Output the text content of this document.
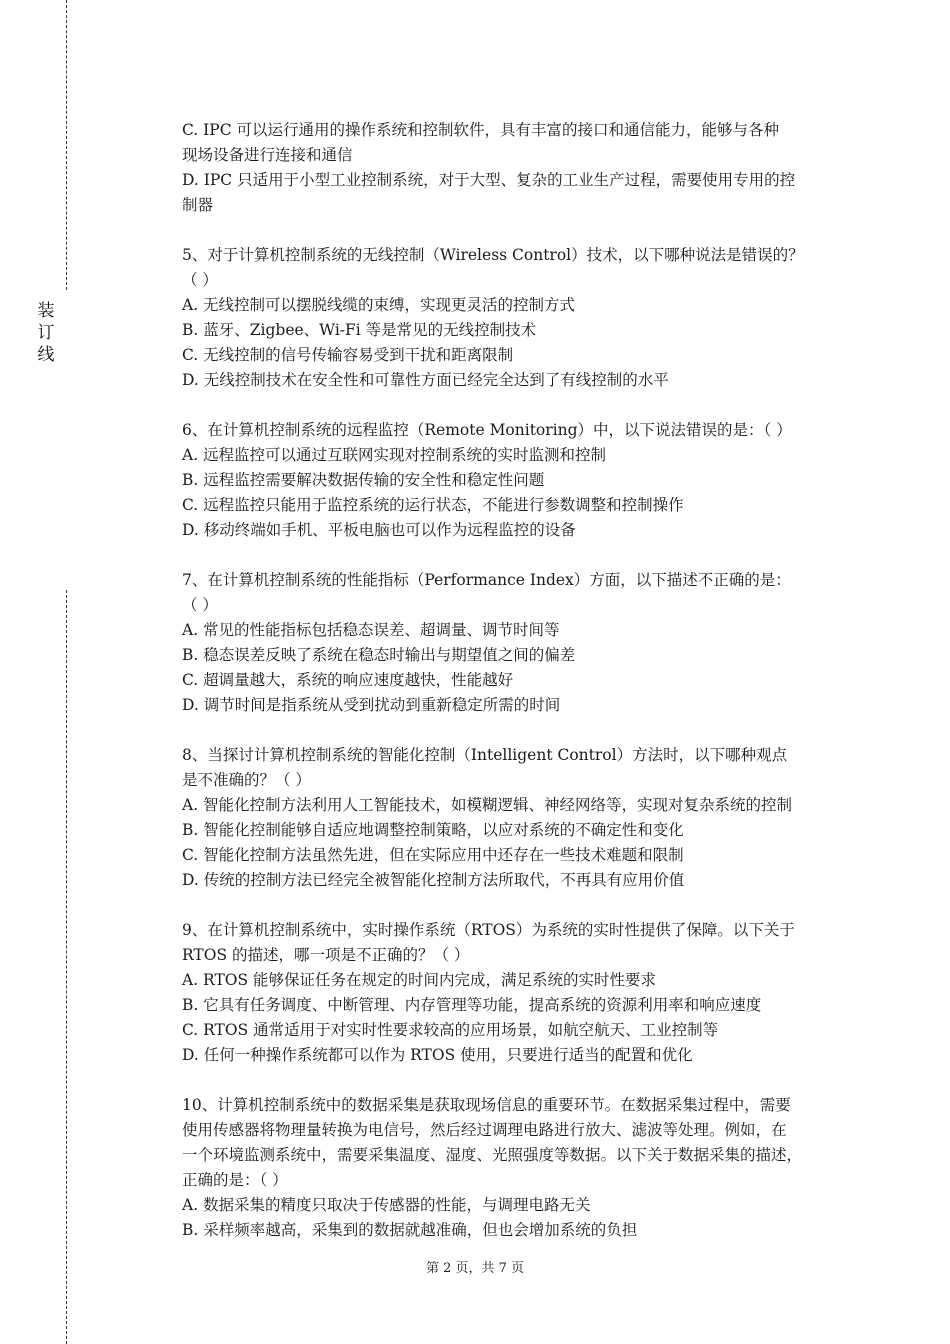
装
订
线
C. IPC 可以运行通用的操作系统和控制软件，具有丰富的接口和通信能力，能够与各种
现场设备进行连接和通信
D. IPC 只适用于小型工业控制系统，对于大型、复杂的工业生产过程，需要使用专用的控
制器
5、对于计算机控制系统的无线控制（Wireless Control）技术，以下哪种说法是错误的？
（ ）
A. 无线控制可以摆脱线缆的束缚，实现更灵活的控制方式
B. 蓝牙、Zigbee、Wi-Fi 等是常见的无线控制技术
C. 无线控制的信号传输容易受到干扰和距离限制
D. 无线控制技术在安全性和可靠性方面已经完全达到了有线控制的水平
6、在计算机控制系统的远程监控（Remote Monitoring）中，以下说法错误的是：（ ）
A. 远程监控可以通过互联网实现对控制系统的实时监测和控制
B. 远程监控需要解决数据传输的安全性和稳定性问题
C. 远程监控只能用于监控系统的运行状态，不能进行参数调整和控制操作
D. 移动终端如手机、平板电脑也可以作为远程监控的设备
7、在计算机控制系统的性能指标（Performance Index）方面，以下描述不正确的是：
（ ）
A. 常见的性能指标包括稳态误差、超调量、调节时间等
B. 稳态误差反映了系统在稳态时输出与期望值之间的偏差
C. 超调量越大，系统的响应速度越快，性能越好
D. 调节时间是指系统从受到扰动到重新稳定所需的时间
8、当探讨计算机控制系统的智能化控制（Intelligent Control）方法时，以下哪种观点
是不准确的？（ ）
A. 智能化控制方法利用人工智能技术，如模糊逻辑、神经网络等，实现对复杂系统的控制
B. 智能化控制能够自适应地调整控制策略，以应对系统的不确定性和变化
C. 智能化控制方法虽然先进，但在实际应用中还存在一些技术难题和限制
D. 传统的控制方法已经完全被智能化控制方法所取代，不再具有应用价值
9、在计算机控制系统中，实时操作系统（RTOS）为系统的实时性提供了保障。以下关于
RTOS 的描述，哪一项是不正确的？（ ）
A. RTOS 能够保证任务在规定的时间内完成，满足系统的实时性要求
B. 它具有任务调度、中断管理、内存管理等功能，提高系统的资源利用率和响应速度
C. RTOS 通常适用于对实时性要求较高的应用场景，如航空航天、工业控制等
D. 任何一种操作系统都可以作为 RTOS 使用，只要进行适当的配置和优化
10、计算机控制系统中的数据采集是获取现场信息的重要环节。在数据采集过程中，需要
使用传感器将物理量转换为电信号，然后经过调理电路进行放大、滤波等处理。例如，在
一个环境监测系统中，需要采集温度、湿度、光照强度等数据。以下关于数据采集的描述，
正确的是：（ ）
A. 数据采集的精度只取决于传感器的性能，与调理电路无关
B. 采样频率越高，采集到的数据就越准确，但也会增加系统的负担
第 2 页，共 7 页
